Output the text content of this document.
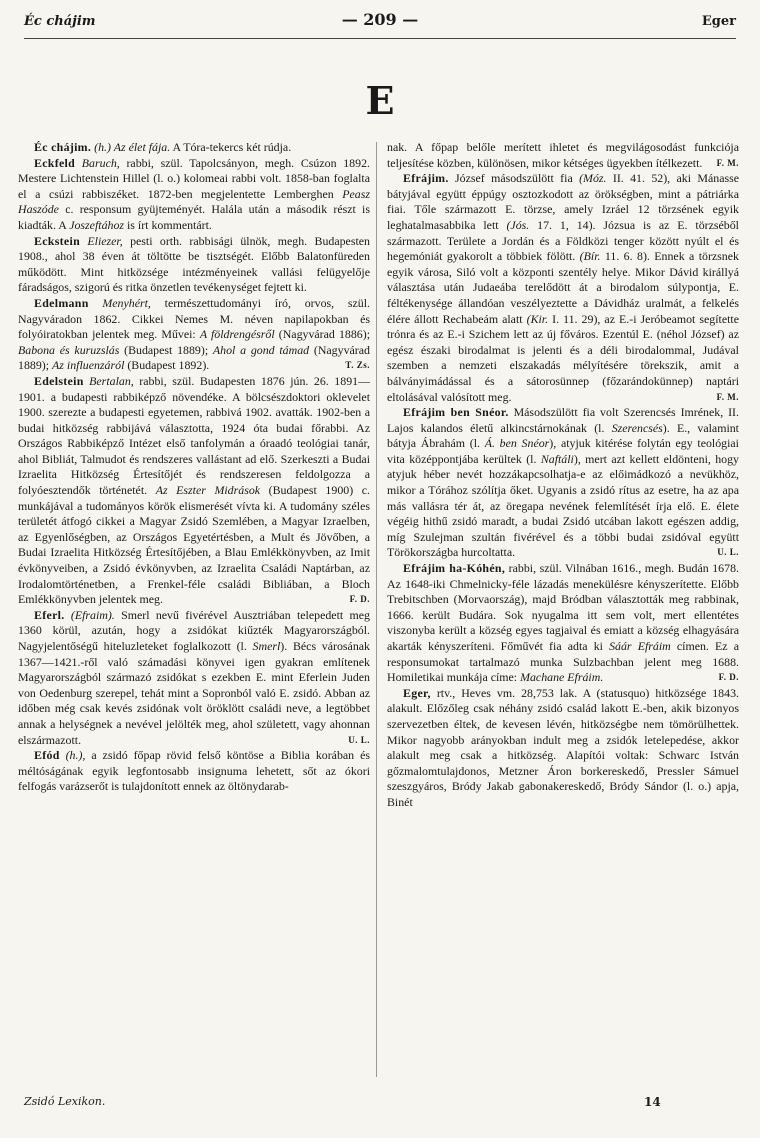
Éc chájim	— 209 —	Eger
E

Éc chájim. (h.) Az élet fája. A Tóra-tekercs két rúdja.

Eckfeld Baruch, rabbi, szül. Tapolcsányon, megh. Csúzon 1892. Mestere Lichtenstein Hillel (l. o.) kolomeai rabbi volt. 1858-ban foglalta el a csúzi rabbiszéket. 1872-ben megjelentette Lemberghen Peasz Haszóde c. responsum gyüjteményét. Halála után a második részt is kiadták. A Joszeftához is írt kommentárt.

Eckstein Eliezer, pesti orth. rabbisági ülnök, megh. Budapesten 1908., ahol 38 éven át töltötte be tisztségét. Előbb Balatonfüreden működött. Mint hitközsége intézményeinek vallási felügyelője fáradságos, szigorú és ritka önzetlen tevékenységet fejtett ki.

Edelmann Menyhért, természettudományi író, orvos, szül. Nagyváradon 1862. Cikkei Nemes M. néven napilapokban és folyóiratokban jelentek meg. Művei: A földrengésről (Nagyvárad 1886); Babona és kuruzslás (Budapest 1889); Ahol a gond támad (Nagyvárad 1889); Az influenzáról (Budapest 1892).	T. Zs.

Edelstein Bertalan, rabbi, szül. Budapesten 1876 jún. 26. 1891—1901. a budapesti rabbiképző növendéke. A bölcsészdoktori oklevelet 1900. szerezte a budapesti egyetemen, rabbivá 1902. avatták. 1902-ben a budai hitközség rabbijává választotta, 1924 óta budai főrabbi. Az Országos Rabbiképző Intézet első tanfolymán a óraadó teológiai tanár, ahol Bibliát, Talmudot és rendszeres vallástant ad elő. Szerkeszti a Budai Izraelita Hitközség Értesítőjét és rendszeresen feldolgozza a folyóesztendők történetét. Az Eszter Midrások (Budapest 1900) c. munkájával a tudományos körök elismerését vívta ki. A tudomány széles területét átfogó cikkei a Magyar Zsidó Szemlében, a Magyar Izraelben, az Egyenlőségben, az Országos Egyetértésben, a Mult és Jövőben, a Budai Izraelita Hitközség Értesítőjében, a Blau Emlékkönyvben, az Imit évkönyveiben, a Zsidó évkönyvben, az Izraelita Családi Naptárban, az Irodalomtörténetben, a Frenkel-féle családi Bibliában, a Bloch Emlékkönyvben jelentek meg.	F. D.

Eferl. (Efraim). Smerl nevű fivérével Ausztriában telepedett meg 1360 körül, azután, hogy a zsidókat kiűzték Magyarországból. Nagyjelentőségű hiteluzleteket foglalkozott (l. Smerl). Bécs városának 1367—1421.-ről való számadási könyvei igen gyakran említenek Magyarországból származó zsidókat s ezekben E. mint Eferlein Juden von Oedenburg szerepel, tehát mint a Sopronból való E. zsidó. Abban az időben még csak kevés zsidónak volt öröklött családi neve, a legtöbbet annak a helységnek a nevével jelölték meg, ahol született, vagy ahonnan elszármazott.	U. L.

Efód (h.), a zsidó főpap rövid felső köntöse a Biblia korában és méltóságának egyik legfontosabb insignuma lehetett, sőt az ókori felfogás varázserőt is tulajdonított ennek az öltönydarab-

nak. A főpap belőle merített ihletet és megvilágosodást funkciója teljesítése közben, különösen, mikor kétséges ügyekben ítélkezett. F. M.

Efrájim. József másodszülött fia (Móz. II. 41. 52), aki Mánasse bátyjával együtt éppúgy osztozkodott az örökségben, mint a pátriárka fiai. Tőle származott E. törzse, amely Izráel 12 törzsének egyik leghatalmasabbika lett (Jós. 17. 1, 14). Józsua is az E. törzséből származott. Területe a Jordán és a Földközi tenger között nyúlt el és hegemóniát gyakorolt a többiek fölött. (Bír. 11. 6. 8). Ennek a törzsnek egyik városa, Siló volt a központi szentély helye. Mikor Dávid királlyá választása után Judaeába terelődött át a birodalom súlypontja, E. féltékenysége állandóan veszélyeztette a Dávidház uralmát, a felkelés élére állott Rechabeám alatt (Kir. I. 11. 29), az E.-i Jeróbeamot segítette trónra és az E.-i Szichem lett az új főváros. Ezentúl E. (néhol József) az egész északi birodalmat is jelenti és a déli birodalommal, Judával szemben a nemzeti elszakadás mélyítésére törekszik, amit a bálványimádással és a sátorosünnep (főzarándokünnep) naptári eltolásával valósított meg.	F. M.

Efrájim ben Snéor. Másodszülött fia volt Szerencsés Imrének, II. Lajos kalandos életű alkincstárnokának (l. Szerencsés). E., valamint bátyja Ábrahám (l. Á. ben Snéor), atyjuk kitérése folytán egy teológiai vita középpontjába kerültek (l. Naftáli), mert azt kellett eldönteni, hogy atyjuk héber nevét hozzákapcsolhatja-e az előimádkozó a nevükhöz, mikor a Tórához szólítja őket. Ugyanis a zsidó rítus az esetre, ha az apa más vallásra tér át, az öregapa nevének felemlítését írja elő. E. élete végéig hithű zsidó maradt, a budai Zsidó utcában lakott egészen addig, míg Szulejman szultán fivérével és a többi budai zsidóval együtt Törökországba hurcoltatta.	U. L.

Efrájim ha-Kóhén, rabbi, szül. Vilnában 1616., megh. Budán 1678. Az 1648-iki Chmelnicky-féle lázadás menekülésre kényszerítette. Előbb Trebitschben (Morvaország), majd Bródban választották meg rabbinak, 1666. került Budára. Sok nyugalma itt sem volt, mert ellentétes viszonyba került a község egyes tagjaival és emiatt a község elhagyására akarták kényszeríteni. Főművét fia adta ki Sáár Efráim címen. Ez a responsumokat tartalmazó munka Sulzbachban jelent meg 1688. Homiletikai munkája címe: Machane Efráim.	F. D.

Eger, rtv., Heves vm. 28,753 lak. A (statusquo) hitközsége 1843. alakult. Előzőleg csak néhány zsidó család lakott E.-ben, akik bizonyos szervezetben éltek, de kevesen lévén, hitközségbe nem tömörülhettek. Mikor nagyobb arányokban indult meg a zsidók letelepedése, akkor alakult meg csak a hitközség. Alapítói voltak: Schwarc István gőzmalomtulajdonos, Metzner Áron borkereskedő, Pressler Sámuel szeszgyáros, Bródy Jakab gabonakereskedő, Bródy Sándor (l. o.) apja, Binét

Zsidó Lexikon.	14
